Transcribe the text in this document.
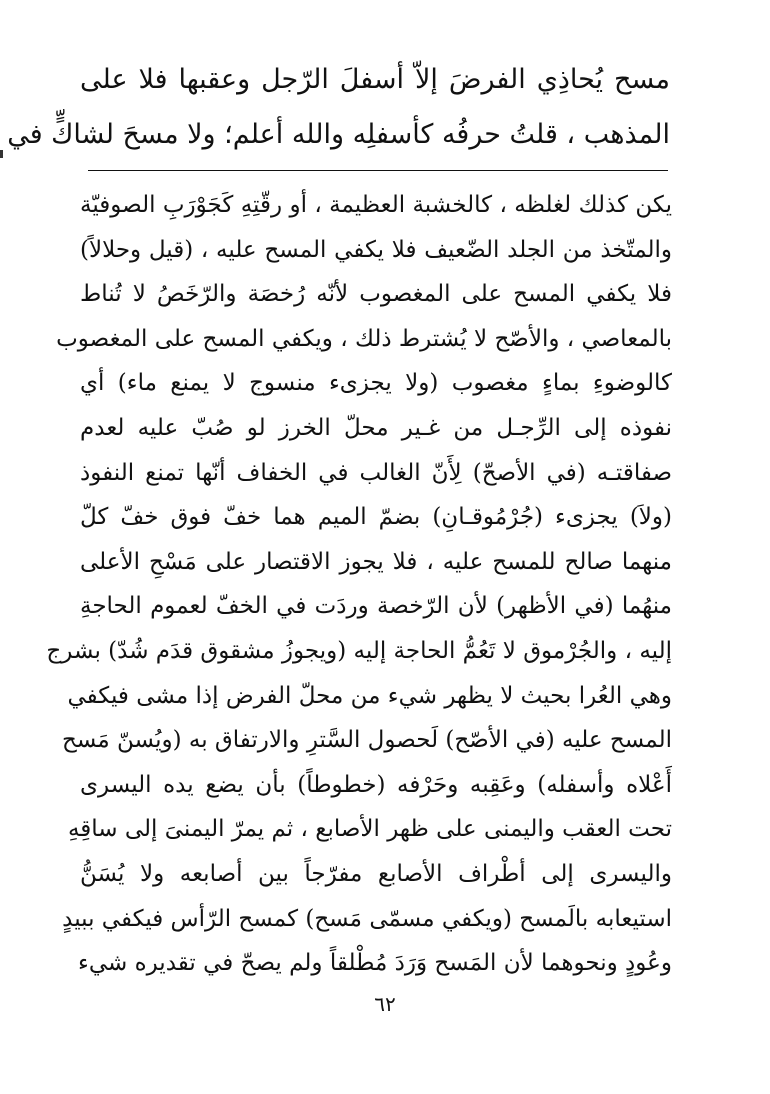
مسح يُحاذِي الفرضَ إلاّ أسفلَ الرّجل وعقبها فلا على
المذهب ، قلتُ حرفُه كأسفلِه والله أعلم؛ ولا مسحَ لشاكٍّ في
يكن كذلك لغلظه ، كالخشبة العظيمة ، أو رقّتِهِ كَجَوْرَبِ الصوفيّة
والمتّخذ من الجلد الضّعيف فلا يكفي المسح عليه ، (قيل وحلالاً)
فلا يكفي المسح على المغصوب لأنّه رُخصَة والرّخَصُ لا تُناط
بالمعاصي ، والأصّح لا يُشترط ذلك ، ويكفي المسح على المغصوب
كالوضوءِ بماءٍ مغصوب (ولا يجزىء منسوج لا يمنع ماء) أي
نفوذه إلى الرِّجـل من غـير محلّ الخرز لو صُبّ عليه لعدم
صفاقتـه (في الأصحّ) لِأَنّ الغالب في الخفاف أنّها تمنع النفوذ
(ولاَ) يجزىء (جُرْمُوقـانِ) بضمّ الميم هما خفّ فوق خفّ كلّ
منهما صالح للمسح عليه ، فلا يجوز الاقتصار على مَسْحِ الأعلى
منهُما (في الأظهر) لأن الرّخصة وردَت في الخفّ لعموم الحاجةِ
إليه ، والجُرْموق لا تَعُمُّ الحاجة إليه (ويجوزُ مشقوق قدَم شُدّ) بشرج
وهي العُرا بحيث لا يظهر شيء من محلّ الفرض إذا مشى فيكفي
المسح عليه (في الأصّح) لَحصول السَّترِ والارتفاق به (ويُسنّ مَسح
أَعْلاه وأسفله) وعَقِبه وحَرْفه (خطوطاً) بأن يضع يده اليسرى
تحت العقب واليمنى على ظهر الأصابع ، ثم يمرّ اليمنىَ إلى ساقِهِ
واليسرى إلى أطْراف الأصابع مفرّجاً بين أصابعه ولا يُسَنُّ
استيعابه بالَمسح (ويكفي مسمّى مَسح) كمسح الرّأس فيكفي ببيدٍ
وعُودٍ ونحوهما لأن المَسح وَرَدَ مُطْلقاً ولم يصحّ في تقديره شيء
٦٢
